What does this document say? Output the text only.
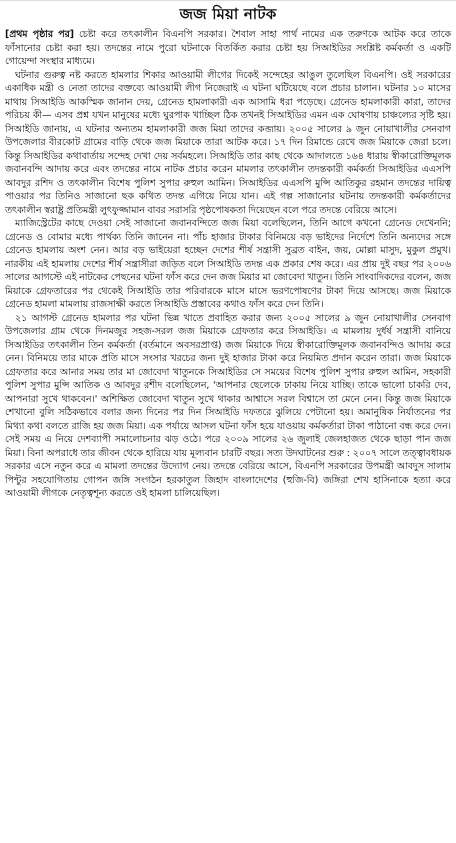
জজ মিয়া নাটক

[প্রথম পৃষ্ঠার পর] চেষ্টা করে তৎকালীন বিএনপি সরকার। শৈবাল সাহা পার্থ নামের এক তরুণকে আটক করে তাকে ফাঁসানোর চেষ্টা করা হয়। তদন্তের নামে পুরো ঘটনাকে বিতর্কিত করার চেষ্টা হয় সিআইডির সংশ্লিষ্ট কর্মকর্তা ও একটি গোয়েন্দা সংস্থার মাধ্যমে।

ঘটনার গুরুত্ব নষ্ট করতে হামলার শিকার আওয়ামী লীগের দিকেই সন্দেহের আঙুল তুলেছিল বিএনপি। ওই সরকারের একাধিক মন্ত্রী ও নেতা তাদের বক্তব্যে আওয়ামী লীগ নিজেরাই এ ঘটনা ঘটিয়েছে বলে প্রচার চালান। ঘটনার ১০ মাসের মাথায় সিআইডি আকস্মিক জানান দেয়, গ্রেনেড হামলাকারী এক আসামি ধরা পড়েছে। গ্রেনেড হামলাকারী কারা, তাদের পরিচয় কী— এসব প্রশ্ন যখন মানুষের মধ্যে ঘুরপাক খাচ্ছিল ঠিক তখনই সিআইডির এমন এক ঘোষণায় চাঞ্চল্যের সৃষ্টি হয়। সিআইডি জানায়, এ ঘটনার অন্যতম হামলাকারী জজ মিয়া তাদের কব্জায়। ২০০৫ সালের ৯ জুন নোয়াখালীর সেনবাগ উপজেলার বীরকোট গ্রামের বাড়ি থেকে জজ মিয়াকে তারা আটক করে। ১৭ দিন রিমান্ডে রেখে জজ মিয়াকে জেরা চলে। কিন্তু সিআইডির কথাবার্তায় সন্দেহ দেখা দেয় সর্বমহলে। সিআইডি তার কাছ থেকে আদালতে ১৬৪ ধারায় স্বীকারোক্তিমূলক জবানবন্দি আদায় করে এবং তদন্তের নামে নাটক প্রচার করেন মামলার তৎকালীন তদন্তকারী কর্মকর্তা সিআইডির এএসপি আবদুর রশিদ ও তৎকালীন বিশেষ পুলিশ সুপার রুহুল আমিন। সিআইডির এএসপি মুন্সি আতিকুর রহমান তদন্তের দায়িত্ব পাওয়ার পর তিনিও সাজানো ছক কথিত তদন্ত এগিয়ে নিয়ে যান। এই গল্প সাজানোর ঘটনায় তদন্তকারী কর্মকর্তাদের তৎকালীন স্বরাষ্ট্র প্রতিমন্ত্রী লুৎফুজ্জামান বাবর সরাসরি পৃষ্ঠপোষকতা দিয়েছেন বলে পরে তদন্তে বেরিয়ে আসে।

ম্যাজিস্ট্রেটের কাছে দেওয়া সেই সাজানো জবানবন্দিতে জজ মিয়া বলেছিলেন, তিনি আগে কখনো গ্রেনেড দেখেননি; গ্রেনেড ও বোমার মধ্যে পার্থক্য তিনি জানেন না। পাঁচ হাজার টাকার বিনিময়ে বড় ভাইদের নির্দেশে তিনি অন্যদের সঙ্গে গ্রেনেড হামলায় অংশ নেন। আর বড় ভাইয়েরা হচ্ছেন দেশের শীর্ষ সন্ত্রাসী সুব্রত বাইন, জয়, মোল্লা মাসুদ, মুকুল প্রমুখ। নারকীয় এই হামলায় দেশের শীর্ষ সন্ত্রাসীরা জড়িত বলে সিআইডি তদন্ত এক প্রকার শেষ করে। এর প্রায় দুই বছর পর ২০০৬ সালের আগস্টে এই নাটকের পেছনের ঘটনা ফাঁস করে দেন জজ মিয়ার মা জোবেদা খাতুন। তিনি সাংবাদিকদের বলেন, জজ মিয়াকে গ্রেফতারের পর থেকেই সিআইডি তার পরিবারকে মাসে মাসে ভরণপোষণের টাকা দিয়ে আসছে। জজ মিয়াকে গ্রেনেড হামলা মামলায় রাজসাক্ষী করতে সিআইডি প্রস্তাবের কথাও ফাঁস করে দেন তিনি।

২১ আগস্ট গ্রেনেড হামলার পর ঘটনা ভিন্ন খাতে প্রবাহিত করার জন্য ২০০৫ সালের ৯ জুন নোয়াখালীর সেনবাগ উপজেলার গ্রাম থেকে দিনমজুর সহজ-সরল জজ মিয়াকে গ্রেফতার করে সিআইডি। এ মামলায় দুর্ধর্ষ সন্ত্রাসী বানিয়ে সিআইডির তৎকালীন তিন কর্মকর্তা (বর্তমানে অবসরপ্রাপ্ত) জজ মিয়াকে দিয়ে স্বীকারোক্তিমূলক জবানবন্দিও আদায় করে নেন। বিনিময়ে তার মাকে প্রতি মাসে সংসার খরচের জন্য দুই হাজার টাকা করে নিয়মিত প্রদান করেন তারা। জজ মিয়াকে গ্রেফতার করে আনার সময় তার মা জোবেদা খাতুনকে সিআইডির সে সময়ের বিশেষ পুলিশ সুপার রুহুল আমিন, সহকারী পুলিশ সুপার মুন্সি আতিক ও আবদুর রশীদ বলেছিলেন, 'আপনার ছেলেকে ঢাকায় নিয়ে যাচ্ছি। তাকে ভালো চাকরি দেব, আপনারা সুখে থাকবেন।' অশিক্ষিত জোবেদা খাতুন সুখে থাকার আশ্বাসে সরল বিশ্বাসে তা মেনে নেন। কিন্তু জজ মিয়াকে শেখানো বুলি সঠিকভাবে বলার জন্য দিনের পর দিন সিআইডি দফতরে ঝুলিয়ে পেটানো হয়। অমানুষিক নির্যাতনের পর মিথ্যা কথা বলতে রাজি হয় জজ মিয়া। এক পর্যায়ে আসল ঘটনা ফাঁস হয়ে যাওয়ায় কর্মকর্তারা টাকা পাঠানো বন্ধ করে দেন। সেই সময় এ নিয়ে দেশব্যাপী সমালোচনার ঝড় ওঠে। পরে ২০০৯ সালের ২৬ জুলাই জেলহাজত থেকে ছাড়া পান জজ মিয়া। বিনা অপরাধে তার জীবন থেকে হারিয়ে যায় মূল্যবান চারটি বছর। সত্য উদঘাটনের শুরু : ২০০৭ সালে তত্ত্বাবধায়ক সরকার এসে নতুন করে এ মামলা তদন্তের উদ্যোগ নেয়। তদন্তে বেরিয়ে আসে, বিএনপি সরকারের উপমন্ত্রী আবদুস সালাম পিন্টুর সহযোগিতায় গোপন জঙ্গি সংগঠন হরকাতুল জিহাদ বাংলাদেশের (হুজি-বি) জঙ্গিরা শেখ হাসিনাকে হত্যা করে আওয়ামী লীগকে নেতৃত্বশূন্য করতে ওই হামলা চালিয়েছিল।
